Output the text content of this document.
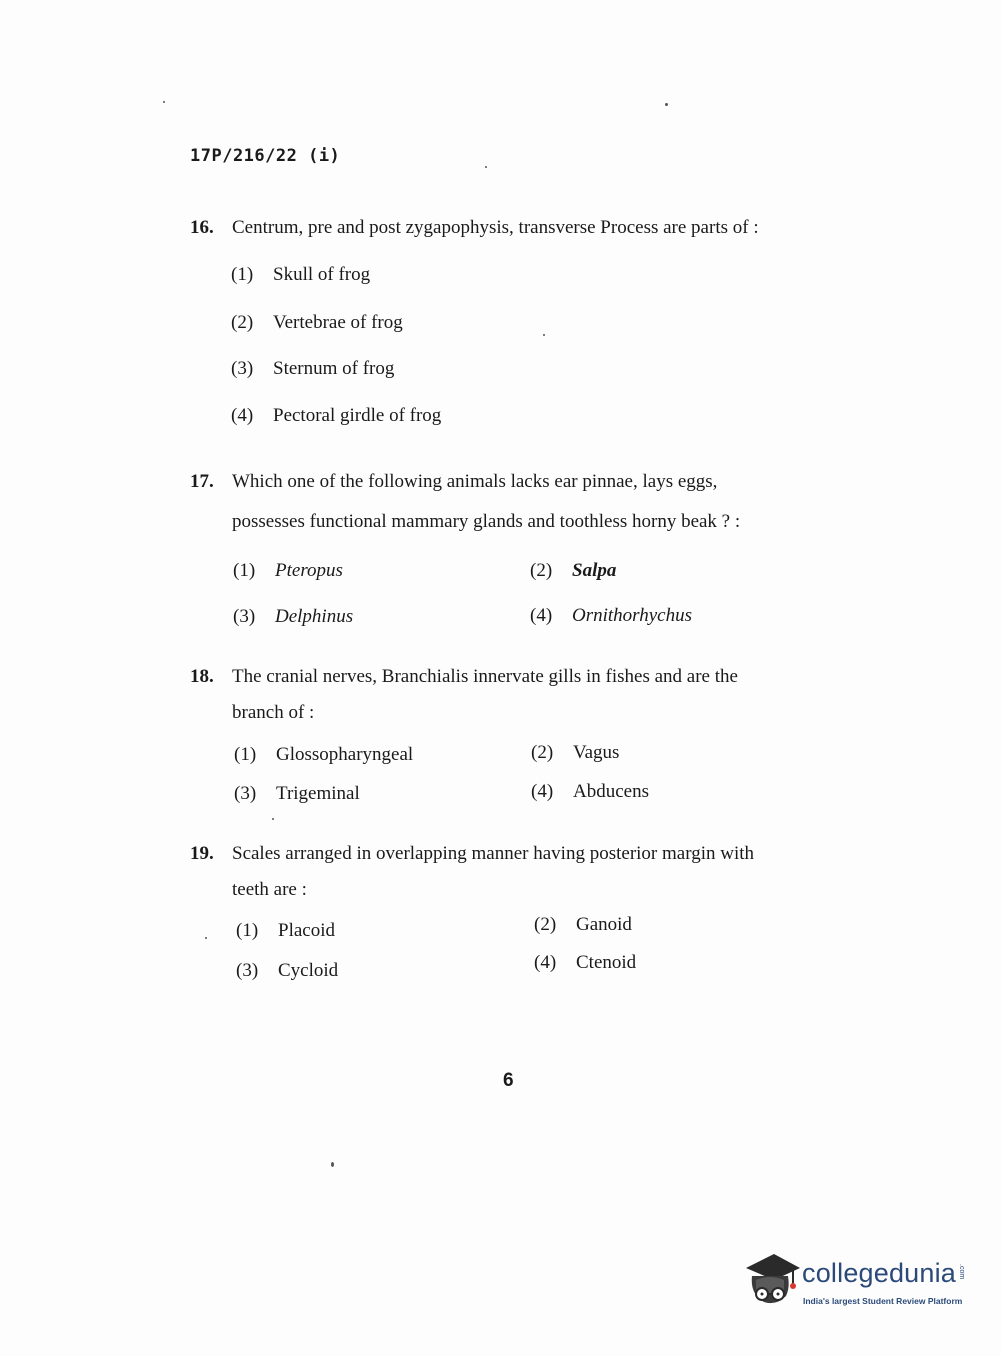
17P/216/22 (i)
16. Centrum, pre and post zygapophysis, transverse Process are parts of :
(1) Skull of frog
(2) Vertebrae of frog
(3) Sternum of frog
(4) Pectoral girdle of frog
17. Which one of the following animals lacks ear pinnae, lays eggs,
possesses functional mammary glands and toothless horny beak ? :
(1) Pteropus	(2) Salpa
(3) Delphinus	(4) Ornithorhychus
18. The cranial nerves, Branchialis innervate gills in fishes and are the
branch of :
(1) Glossopharyngeal	(2) Vagus
(3) Trigeminal	(4) Abducens
19. Scales arranged in overlapping manner having posterior margin with
teeth are :
(1) Placoid	(2) Ganoid
(3) Cycloid	(4) Ctenoid
6
collegedunia .com
India's largest Student Review Platform
